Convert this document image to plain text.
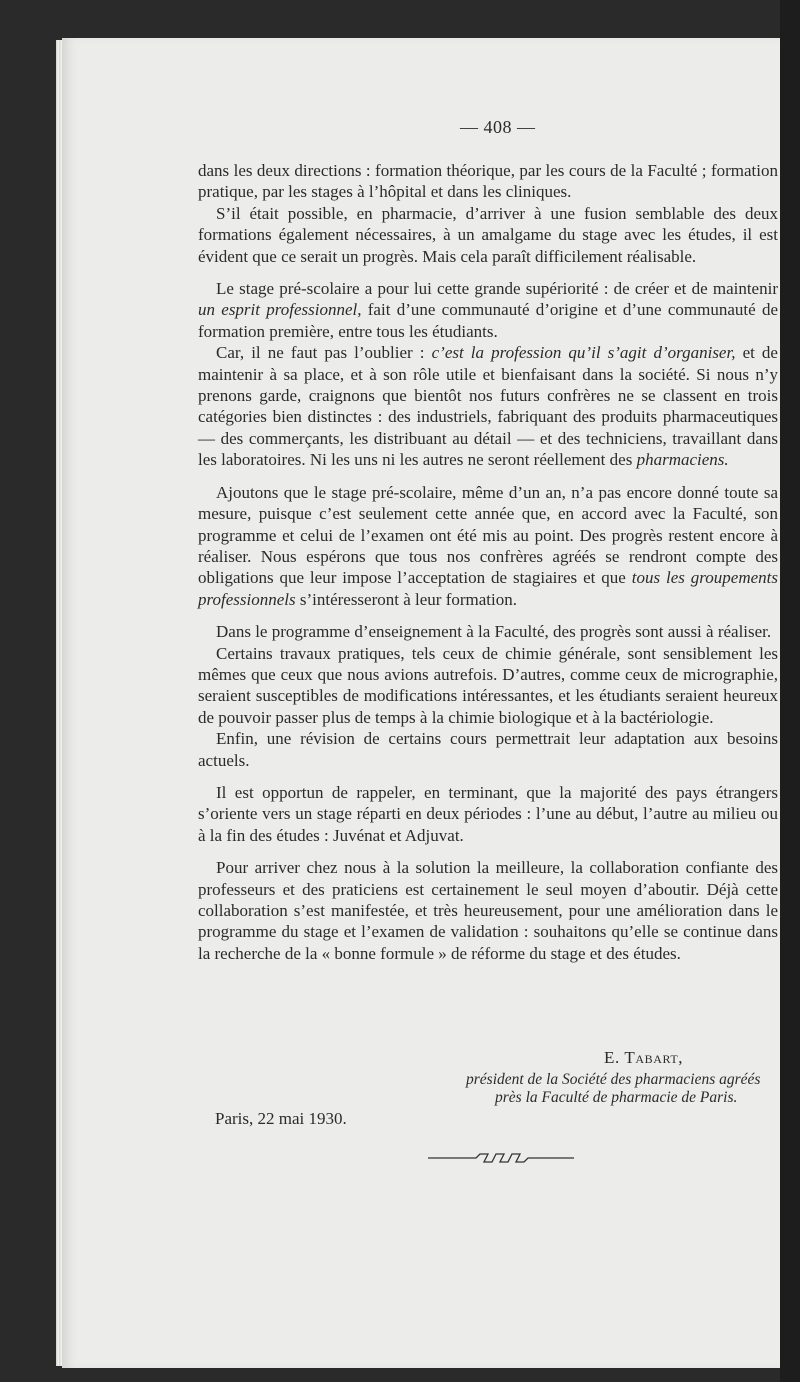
— 408 —

dans les deux directions : formation théorique, par les cours de la Faculté ; formation pratique, par les stages à l’hôpital et dans les cliniques.

S’il était possible, en pharmacie, d’arriver à une fusion semblable des deux formations également nécessaires, à un amalgame du stage avec les études, il est évident que ce serait un progrès. Mais cela paraît difficilement réalisable.

Le stage pré-scolaire a pour lui cette grande supériorité : de créer et de maintenir un esprit professionnel, fait d’une communauté d’origine et d’une communauté de formation première, entre tous les étudiants.

Car, il ne faut pas l’oublier : c’est la profession qu’il s’agit d’organiser, et de maintenir à sa place, et à son rôle utile et bienfaisant dans la société. Si nous n’y prenons garde, craignons que bientôt nos futurs confrères ne se classent en trois catégories bien distinctes : des industriels, fabriquant des produits pharmaceutiques — des commerçants, les distribuant au détail — et des techniciens, travaillant dans les laboratoires. Ni les uns ni les autres ne seront réellement des pharmaciens.

Ajoutons que le stage pré-scolaire, même d’un an, n’a pas encore donné toute sa mesure, puisque c’est seulement cette année que, en accord avec la Faculté, son programme et celui de l’examen ont été mis au point. Des progrès restent encore à réaliser. Nous espérons que tous nos confrères agréés se rendront compte des obligations que leur impose l’acceptation de stagiaires et que tous les groupements professionnels s’intéresseront à leur formation.

Dans le programme d’enseignement à la Faculté, des progrès sont aussi à réaliser.

Certains travaux pratiques, tels ceux de chimie générale, sont sensiblement les mêmes que ceux que nous avions autrefois. D’autres, comme ceux de micrographie, seraient susceptibles de modifications intéressantes, et les étudiants seraient heureux de pouvoir passer plus de temps à la chimie biologique et à la bactériologie.

Enfin, une révision de certains cours permettrait leur adaptation aux besoins actuels.

Il est opportun de rappeler, en terminant, que la majorité des pays étrangers s’oriente vers un stage réparti en deux périodes : l’une au début, l’autre au milieu ou à la fin des études : Juvénat et Adjuvat.

Pour arriver chez nous à la solution la meilleure, la collaboration confiante des professeurs et des praticiens est certainement le seul moyen d’aboutir. Déjà cette collaboration s’est manifestée, et très heureusement, pour une amélioration dans le programme du stage et l’examen de validation : souhaitons qu’elle se continue dans la recherche de la « bonne formule » de réforme du stage et des études.

E. Tabart,
président de la Société des pharmaciens agréés
près la Faculté de pharmacie de Paris.
Paris, 22 mai 1930.
